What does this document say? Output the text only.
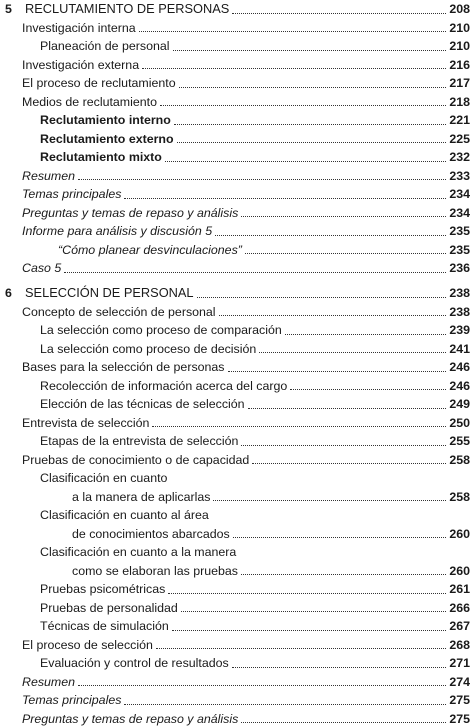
5	RECLUTAMIENTO DE PERSONAS	208
Investigación interna	210
Planeación de personal	210
Investigación externa	216
El proceso de reclutamiento	217
Medios de reclutamiento	218
Reclutamiento interno	221
Reclutamiento externo	225
Reclutamiento mixto	232
Resumen	233
Temas principales	234
Preguntas y temas de repaso y análisis	234
Informe para análisis y discusión 5	235
“Cómo planear desvinculaciones”	235
Caso 5	236
6	SELECCIÓN DE PERSONAL	238
Concepto de selección de personal	238
La selección como proceso de comparación	239
La selección como proceso de decisión	241
Bases para la selección de personas	246
Recolección de información acerca del cargo	246
Elección de las técnicas de selección	249
Entrevista de selección	250
Etapas de la entrevista de selección	255
Pruebas de conocimiento o de capacidad	258
Clasificación en cuanto
a la manera de aplicarlas	258
Clasificación en cuanto al área
de conocimientos abarcados	260
Clasificación en cuanto a la manera
como se elaboran las pruebas	260
Pruebas psicométricas	261
Pruebas de personalidad	266
Técnicas de simulación	267
El proceso de selección	268
Evaluación y control de resultados	271
Resumen	274
Temas principales	275
Preguntas y temas de repaso y análisis	275
